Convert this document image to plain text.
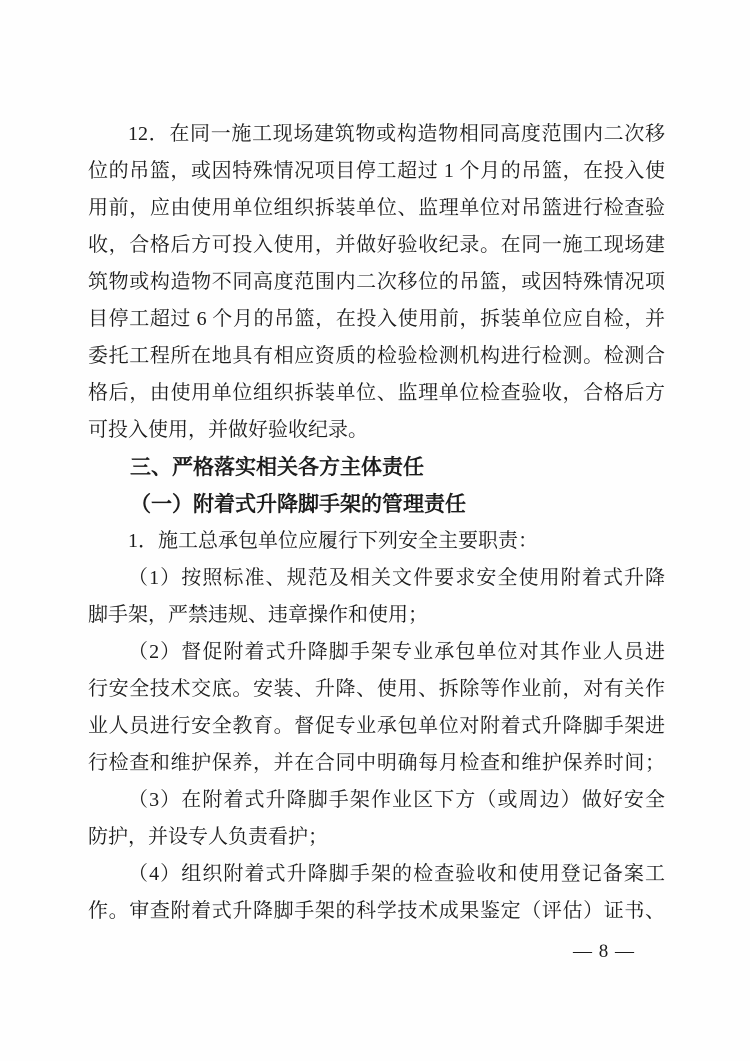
12．在同一施工现场建筑物或构造物相同高度范围内二次移
位的吊篮，或因特殊情况项目停工超过 1 个月的吊篮，在投入使
用前，应由使用单位组织拆装单位、监理单位对吊篮进行检查验
收，合格后方可投入使用，并做好验收纪录。在同一施工现场建
筑物或构造物不同高度范围内二次移位的吊篮，或因特殊情况项
目停工超过 6 个月的吊篮，在投入使用前，拆装单位应自检，并
委托工程所在地具有相应资质的检验检测机构进行检测。检测合
格后，由使用单位组织拆装单位、监理单位检查验收，合格后方
可投入使用，并做好验收纪录。
三、严格落实相关各方主体责任
（一）附着式升降脚手架的管理责任
1．施工总承包单位应履行下列安全主要职责：
（1）按照标准、规范及相关文件要求安全使用附着式升降
脚手架，严禁违规、违章操作和使用；
（2）督促附着式升降脚手架专业承包单位对其作业人员进
行安全技术交底。安装、升降、使用、拆除等作业前，对有关作
业人员进行安全教育。督促专业承包单位对附着式升降脚手架进
行检查和维护保养，并在合同中明确每月检查和维护保养时间；
（3）在附着式升降脚手架作业区下方（或周边）做好安全
防护，并设专人负责看护；
（4）组织附着式升降脚手架的检查验收和使用登记备案工
作。审查附着式升降脚手架的科学技术成果鉴定（评估）证书、
— 8 —
